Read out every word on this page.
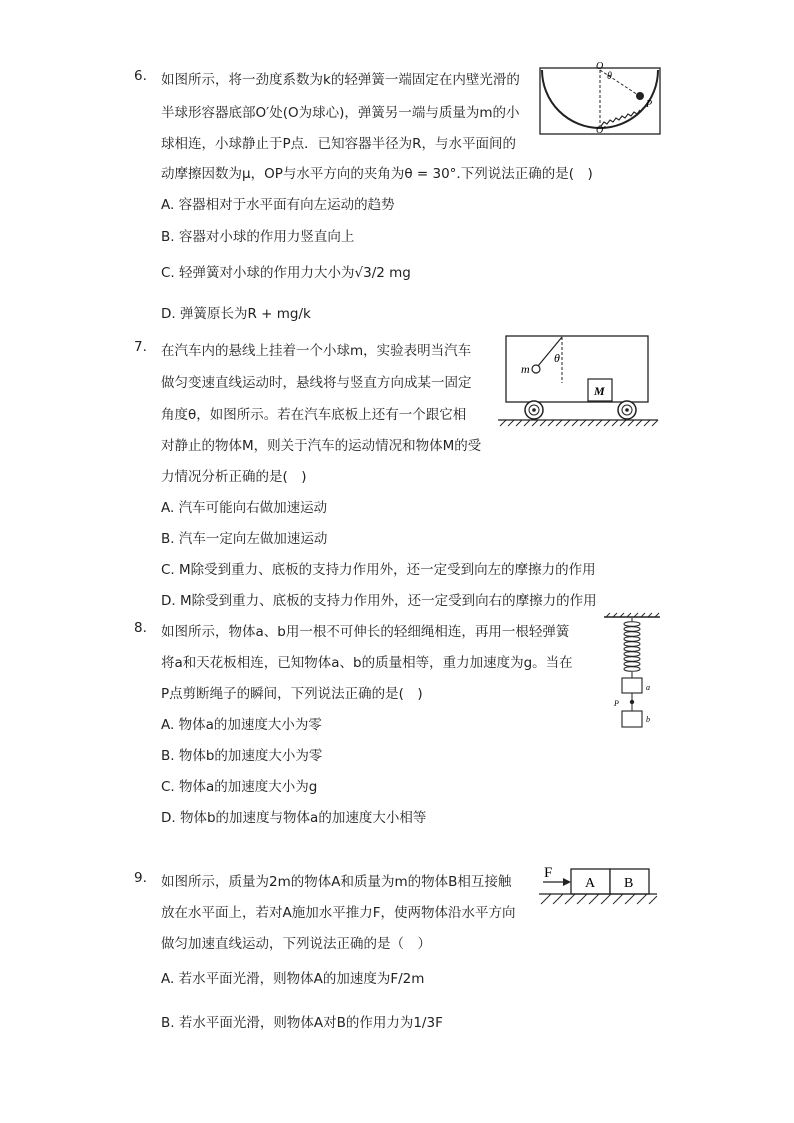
6. 如图所示，将一劲度系数为k的轻弹簧一端固定在内壁光滑的
半球形容器底部O′处(O为球心)，弹簧另一端与质量为m的小
球相连，小球静止于P点．已知容器半径为R，与水平面间的
动摩擦因数为μ，OP与水平方向的夹角为θ = 30°.下列说法正确的是(　)
A. 容器相对于水平面有向左运动的趋势
B. 容器对小球的作用力竖直向上
C. 轻弹簧对小球的作用力大小为√3/2 mg
D. 弹簧原长为R + mg/k
O
θ
P
O′
7. 在汽车内的悬线上挂着一个小球m，实验表明当汽车
做匀变速直线运动时，悬线将与竖直方向成某一固定
角度θ，如图所示。若在汽车底板上还有一个跟它相
对静止的物体M，则关于汽车的运动情况和物体M的受
力情况分析正确的是(　)
A. 汽车可能向右做加速运动
B. 汽车一定向左做加速运动
C. M除受到重力、底板的支持力作用外，还一定受到向左的摩擦力的作用
D. M除受到重力、底板的支持力作用外，还一定受到向右的摩擦力的作用
m
θ
M
8. 如图所示，物体a、b用一根不可伸长的轻细绳相连，再用一根轻弹簧
将a和天花板相连，已知物体a、b的质量相等，重力加速度为g。当在
P点剪断绳子的瞬间，下列说法正确的是(　)
A. 物体a的加速度大小为零
B. 物体b的加速度大小为零
C. 物体a的加速度大小为g
D. 物体b的加速度与物体a的加速度大小相等
a
P
b
9. 如图所示，质量为2m的物体A和质量为m的物体B相互接触
放在水平面上，若对A施加水平推力F，使两物体沿水平方向
做匀加速直线运动，下列说法正确的是（　）
A. 若水平面光滑，则物体A的加速度为F/2m
B. 若水平面光滑，则物体A对B的作用力为1/3F
F
A B
